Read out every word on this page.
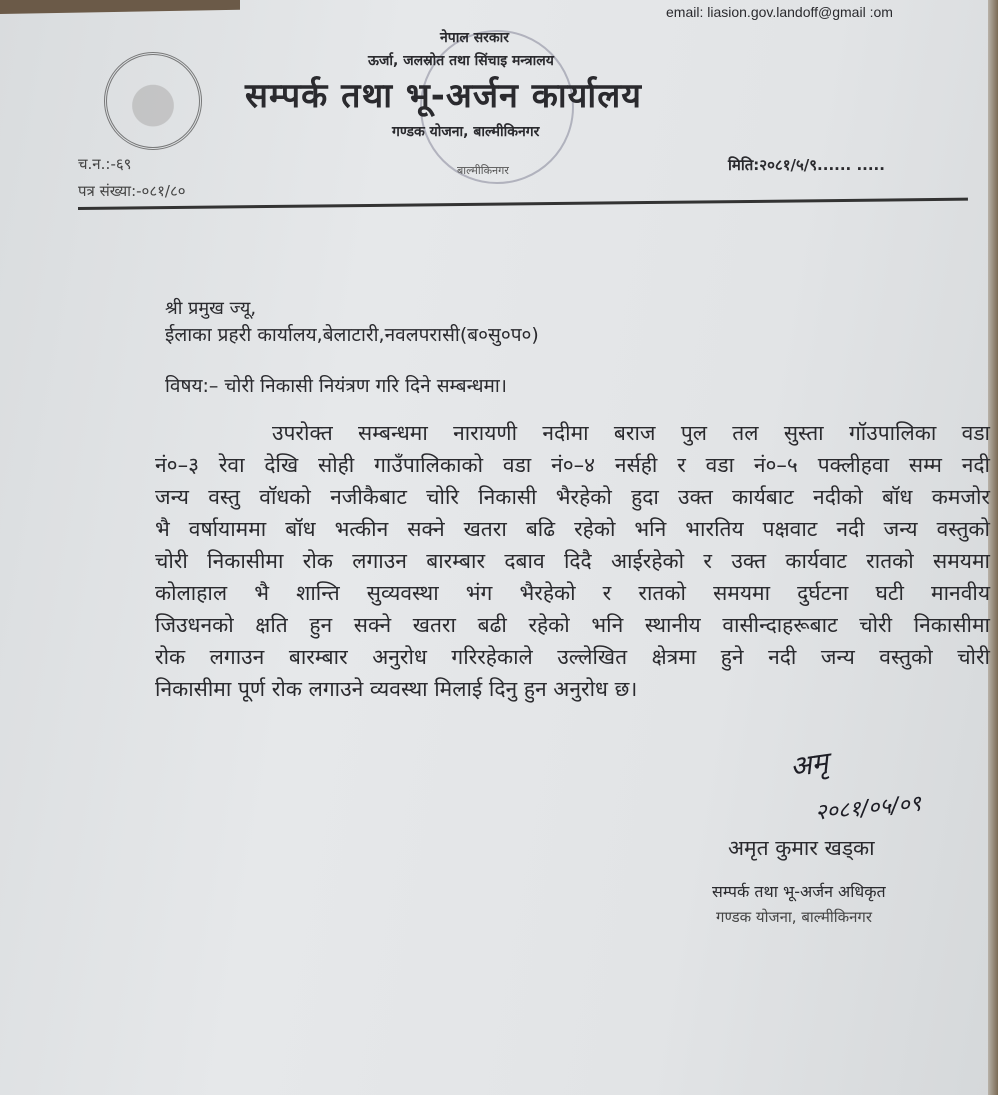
बाल्मीकिनगर
email: liasion.gov.landoff@gmail :om
नेपाल सरकार
ऊर्जा, जलस्रोत तथा सिंचाइ मन्त्रालय
सम्पर्क तथा भू-अर्जन कार्यालय
गण्डक योजना, बाल्मीकिनगर
च.न.:-६९
पत्र संख्या:-०८१/८०
मिति:२०८१/५/९...... .....
श्री प्रमुख ज्यू,
ईलाका प्रहरी कार्यालय,बेलाटारी,नवलपरासी(ब०सु०प०)
विषय:– चोरी निकासी नियंत्रण गरि दिने सम्बन्धमा।
उपरोक्त सम्बन्धमा नारायणी नदीमा बराज पुल तल सुस्ता गॉउपालिका वडा
नं०–३ रेवा देखि सोही गाउँपालिकाको वडा नं०–४ नर्सही र वडा नं०–५ पक्लीहवा सम्म नदी
जन्य वस्तु वॉधको नजीकैबाट चोरि निकासी भैरहेको हुदा उक्त कार्यबाट नदीको बॉध कमजोर
भै वर्षायाममा बॉध भत्कीन सक्ने खतरा बढि रहेको भनि भारतिय पक्षवाट नदी जन्य वस्तुको
चोरी निकासीमा रोक लगाउन बारम्बार दबाव दिदै आईरहेको र उक्त कार्यवाट रातको समयमा
कोलाहाल भै शान्ति सुव्यवस्था भंग भैरहेको र रातको समयमा दुर्घटना घटी मानवीय
जिउधनको क्षति हुन सक्ने खतरा बढी रहेको भनि स्थानीय वासीन्दाहरूबाट चोरी निकासीमा
रोक लगाउन बारम्बार अनुरोध गरिरहेकाले उल्लेखित क्षेत्रमा हुने नदी जन्य वस्तुको चोरी
निकासीमा पूर्ण रोक लगाउने व्यवस्था मिलाई दिनु हुन अनुरोध छ।
अमृ
२०८१/०५/०९
अमृत कुमार खड्का
सम्पर्क तथा भू-अर्जन अधिकृत
गण्डक योजना, बाल्मीकिनगर
